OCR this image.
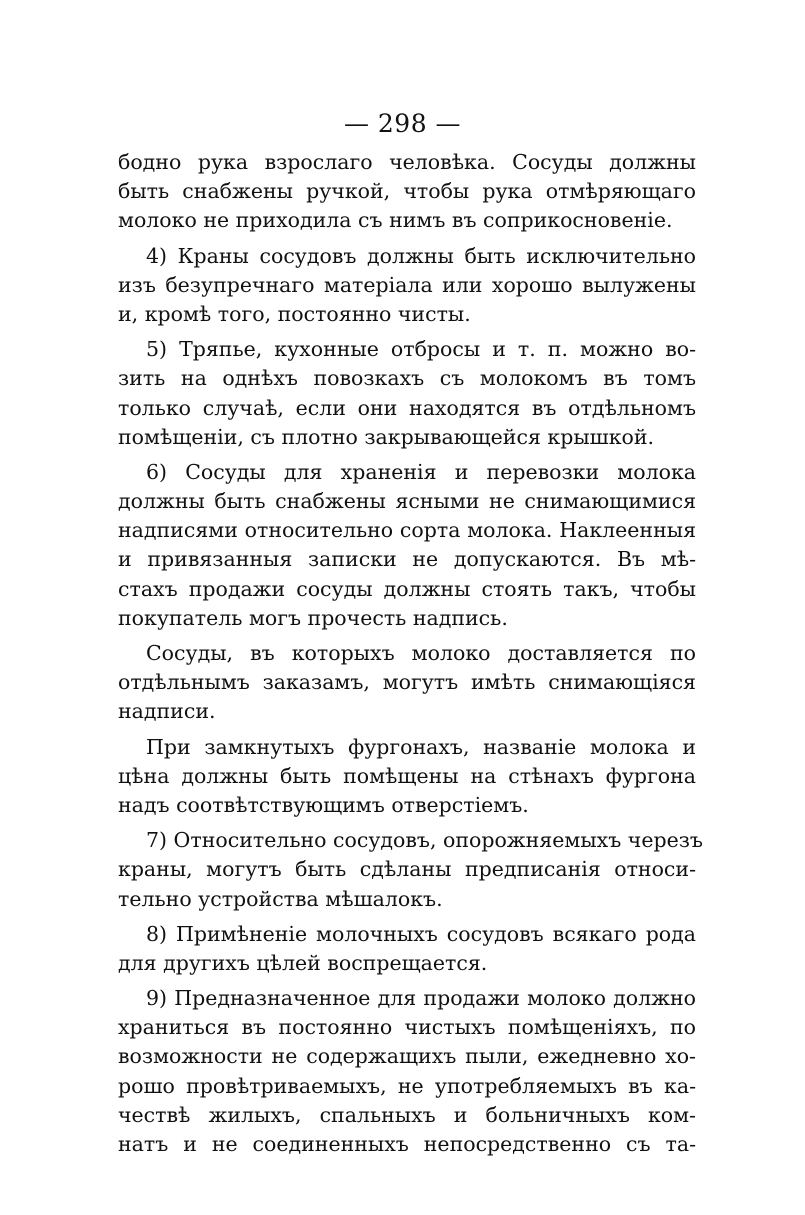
— 298 —
бодно рука взрослаго человѣка. Сосуды должны
быть снабжены ручкой, чтобы рука отмѣряющаго
молоко не приходила съ нимъ въ соприкосновеніе.
4) Краны сосудовъ должны быть исключительно
изъ безупречнаго матеріала или хорошо вылужены
и, кромѣ того, постоянно чисты.
5) Тряпье, кухонные отбросы и т. п. можно во-
зить на однѣхъ повозкахъ съ молокомъ въ томъ
только случаѣ, если они находятся въ отдѣльномъ
помѣщеніи, съ плотно закрывающейся крышкой.
6) Сосуды для храненія и перевозки молока
должны быть снабжены ясными не снимающимися
надписями относительно сорта молока. Наклеенныя
и привязанныя записки не допускаются. Въ мѣ-
стахъ продажи сосуды должны стоять такъ, чтобы
покупатель могъ прочесть надпись.
Сосуды, въ которыхъ молоко доставляется по
отдѣльнымъ заказамъ, могутъ имѣть снимающіяся
надписи.
При замкнутыхъ фургонахъ, названіе молока и
цѣна должны быть помѣщены на стѣнахъ фургона
надъ соотвѣтствующимъ отверстіемъ.
7) Относительно сосудовъ, опорожняемыхъ черезъ
краны, могутъ быть сдѣланы предписанія относи-
тельно устройства мѣшалокъ.
8) Примѣненіе молочныхъ сосудовъ всякаго рода
для другихъ цѣлей воспрещается.
9) Предназначенное для продажи молоко должно
храниться въ постоянно чистыхъ помѣщеніяхъ, по
возможности не содержащихъ пыли, ежедневно хо-
рошо провѣтриваемыхъ, не употребляемыхъ въ ка-
чествѣ жилыхъ, спальныхъ и больничныхъ ком-
натъ и не соединенныхъ непосредственно съ та-
